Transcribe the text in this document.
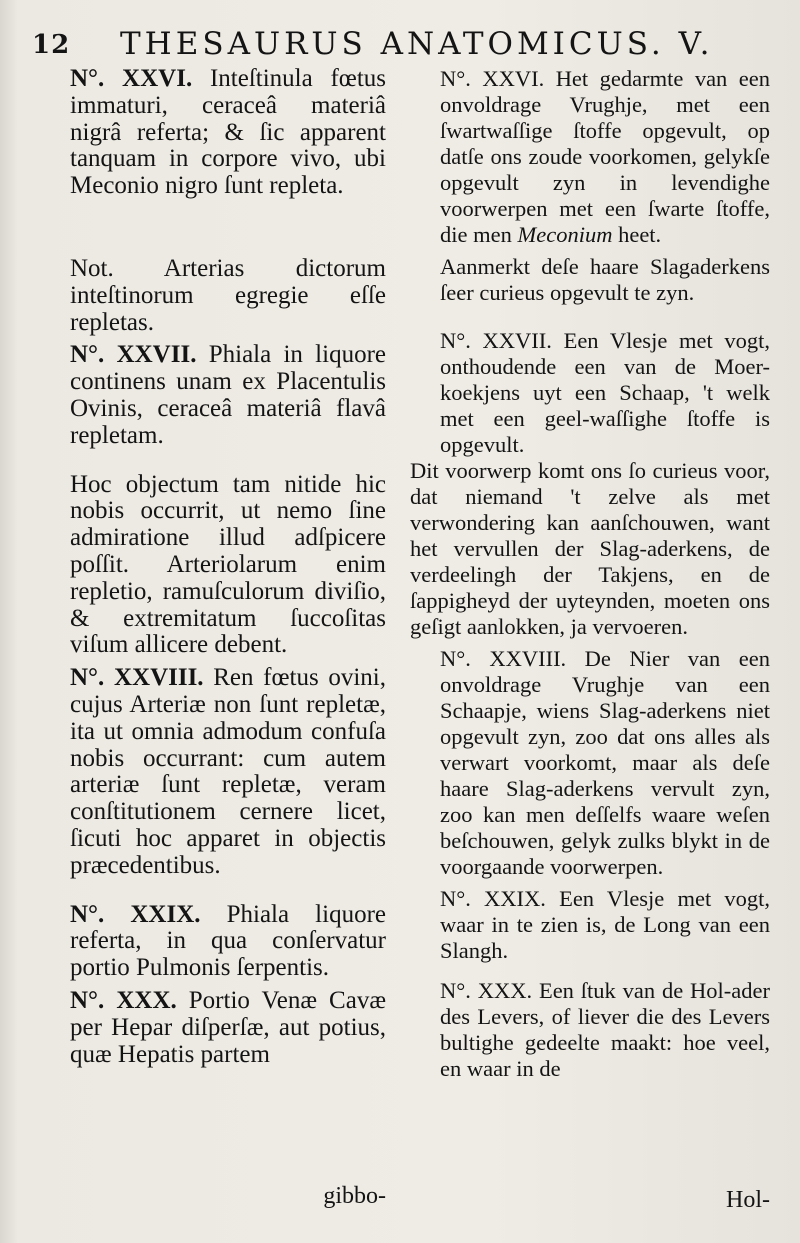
12 THESAURUS ANATOMICUS. V.

N°. XXVI. Inteſtinula fœtus immaturi, ceraceâ materiâ nigrâ referta; & ſic apparent tanquam in corpore vivo, ubi Meconio nigro ſunt repleta.

Not. Arterias dictorum inteſtinorum egregie eſſe repletas.

N°. XXVII. Phiala in liquore continens unam ex Placentulis Ovinis, ceraceâ materiâ flavâ repletam.

Hoc objectum tam nitide hic nobis occurrit, ut nemo ſine admiratione illud adſpicere poſſit. Arteriolarum enim repletio, ramuſculorum diviſio, & extremitatum ſuccoſitas viſum allicere debent.

N°. XXVIII. Ren fœtus ovini, cujus Arteriæ non ſunt repletæ, ita ut omnia admodum confuſa nobis occurrant: cum autem arteriæ ſunt repletæ, veram conſtitutionem cernere licet, ſicuti hoc apparet in objectis præcedentibus.

N°. XXIX. Phiala liquore referta, in qua conſervatur portio Pulmonis ſerpentis.

N°. XXX. Portio Venæ Cavæ per Hepar diſperſæ, aut potius, quæ Hepatis partem

gibbo-

N°. XXVI. Het gedarmte van een onvoldrage Vrughje, met een ſwartwaſſige ſtoffe opgevult, op datſe ons zoude voorkomen, gelykſe opgevult zyn in levendighe voorwerpen met een ſwarte ſtoffe, die men Meconium heet.

Aanmerkt deſe haare Slagaderkens ſeer curieus opgevult te zyn.

N°. XXVII. Een Vlesje met vogt, onthoudende een van de Moer-koekjens uyt een Schaap, 't welk met een geel-waſſighe ſtoffe is opgevult.

Dit voorwerp komt ons ſo curieus voor, dat niemand 't zelve als met verwondering kan aanſchouwen, want het vervullen der Slag-aderkens, de verdeelingh der Takjens, en de ſappigheyd der uyteynden, moeten ons geſigt aanlokken, ja vervoeren.

N°. XXVIII. De Nier van een onvoldrage Vrughje van een Schaapje, wiens Slag-aderkens niet opgevult zyn, zoo dat ons alles als verwart voorkomt, maar als deſe haare Slag-aderkens vervult zyn, zoo kan men deſſelfs waare weſen beſchouwen, gelyk zulks blykt in de voorgaande voorwerpen.

N°. XXIX. Een Vlesje met vogt, waar in te zien is, de Long van een Slangh.

N°. XXX. Een ſtuk van de Hol-ader des Levers, of liever die des Levers bultighe gedeelte maakt: hoe veel, en waar in de

Hol-
